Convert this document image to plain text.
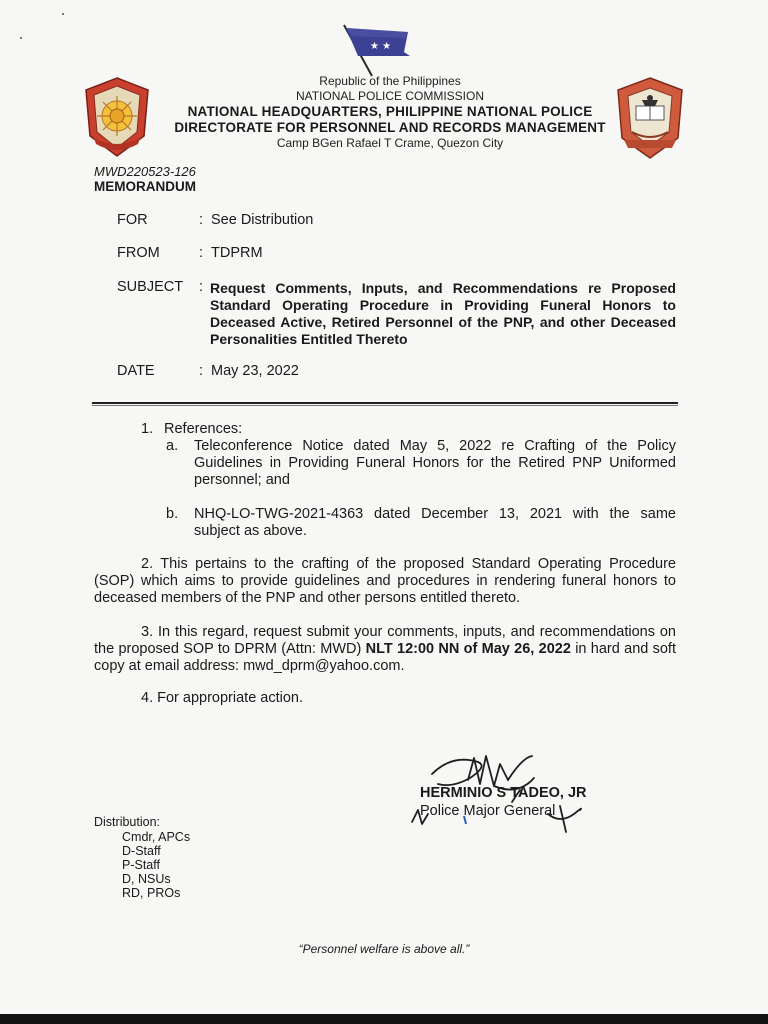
★ ★
Republic of the Philippines
NATIONAL POLICE COMMISSION
NATIONAL HEADQUARTERS, PHILIPPINE NATIONAL POLICE
DIRECTORATE FOR PERSONNEL AND RECORDS MANAGEMENT
Camp BGen Rafael T Crame, Quezon City
MWD220523-126
MEMORANDUM
FOR	: See Distribution
FROM	: TDPRM
SUBJECT : Request Comments, Inputs, and Recommendations re Proposed Standard Operating Procedure in Providing Funeral Honors to Deceased Active, Retired Personnel of the PNP, and other Deceased Personalities Entitled Thereto
DATE	: May 23, 2022
1. References:
a. Teleconference Notice dated May 5, 2022 re Crafting of the Policy Guidelines in Providing Funeral Honors for the Retired PNP Uniformed personnel; and
b. NHQ-LO-TWG-2021-4363 dated December 13, 2021 with the same subject as above.
2. This pertains to the crafting of the proposed Standard Operating Procedure (SOP) which aims to provide guidelines and procedures in rendering funeral honors to deceased members of the PNP and other persons entitled thereto.
3. In this regard, request submit your comments, inputs, and recommendations on the proposed SOP to DPRM (Attn: MWD) NLT 12:00 NN of May 26, 2022 in hard and soft copy at email address: mwd_dprm@yahoo.com.
4. For appropriate action.
HERMINIO S TADEO, JR
Police Major General
Distribution:
Cmdr, APCs
D-Staff
P-Staff
D, NSUs
RD, PROs
“Personnel welfare is above all.”
